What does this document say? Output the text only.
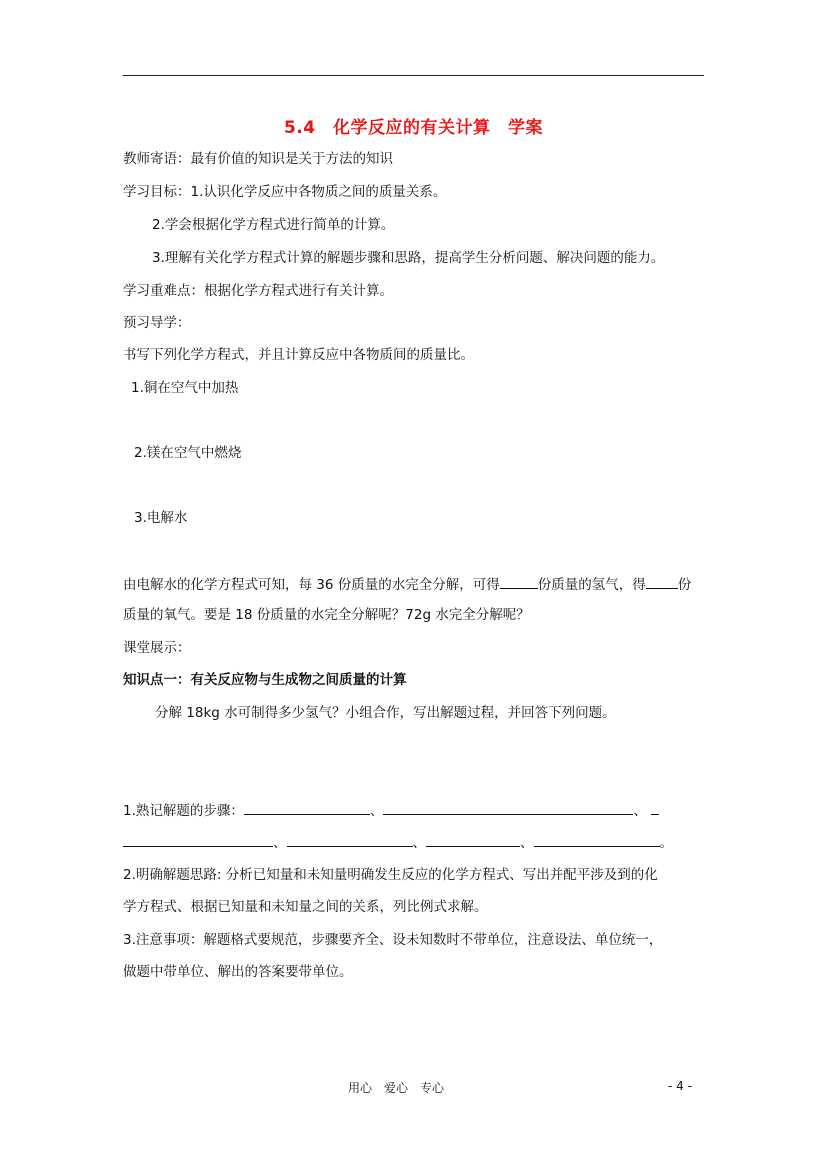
5.4　化学反应的有关计算　学案
教师寄语：最有价值的知识是关于方法的知识
学习目标：1.认识化学反应中各物质之间的质量关系。
2.学会根据化学方程式进行简单的计算。
3.理解有关化学方程式计算的解题步骤和思路，提高学生分析问题、解决问题的能力。
学习重难点：根据化学方程式进行有关计算。
预习导学：
书写下列化学方程式，并且计算反应中各物质间的质量比。
1.铜在空气中加热
2.镁在空气中燃烧
3.电解水
由电解水的化学方程式可知，每 36 份质量的水完全分解，可得	份质量的氢气，得 份
质量的氧气。要是 18 份质量的水完全分解呢？72g 水完全分解呢？
课堂展示：
知识点一：有关反应物与生成物之间质量的计算
分解 18kg 水可制得多少氢气？小组合作，写出解题过程，并回答下列问题。
1.熟记解题的步骤：	、	、
、	、	、	。
2.明确解题思路: 分析已知量和未知量明确发生反应的化学方程式、写出并配平涉及到的化
学方程式、根据已知量和未知量之间的关系，列比例式求解。
3.注意事项：解题格式要规范，步骤要齐全、设未知数时不带单位，注意设法、单位统一，
做题中带单位、解出的答案要带单位。
用心　爱心　专心	- 4 -
